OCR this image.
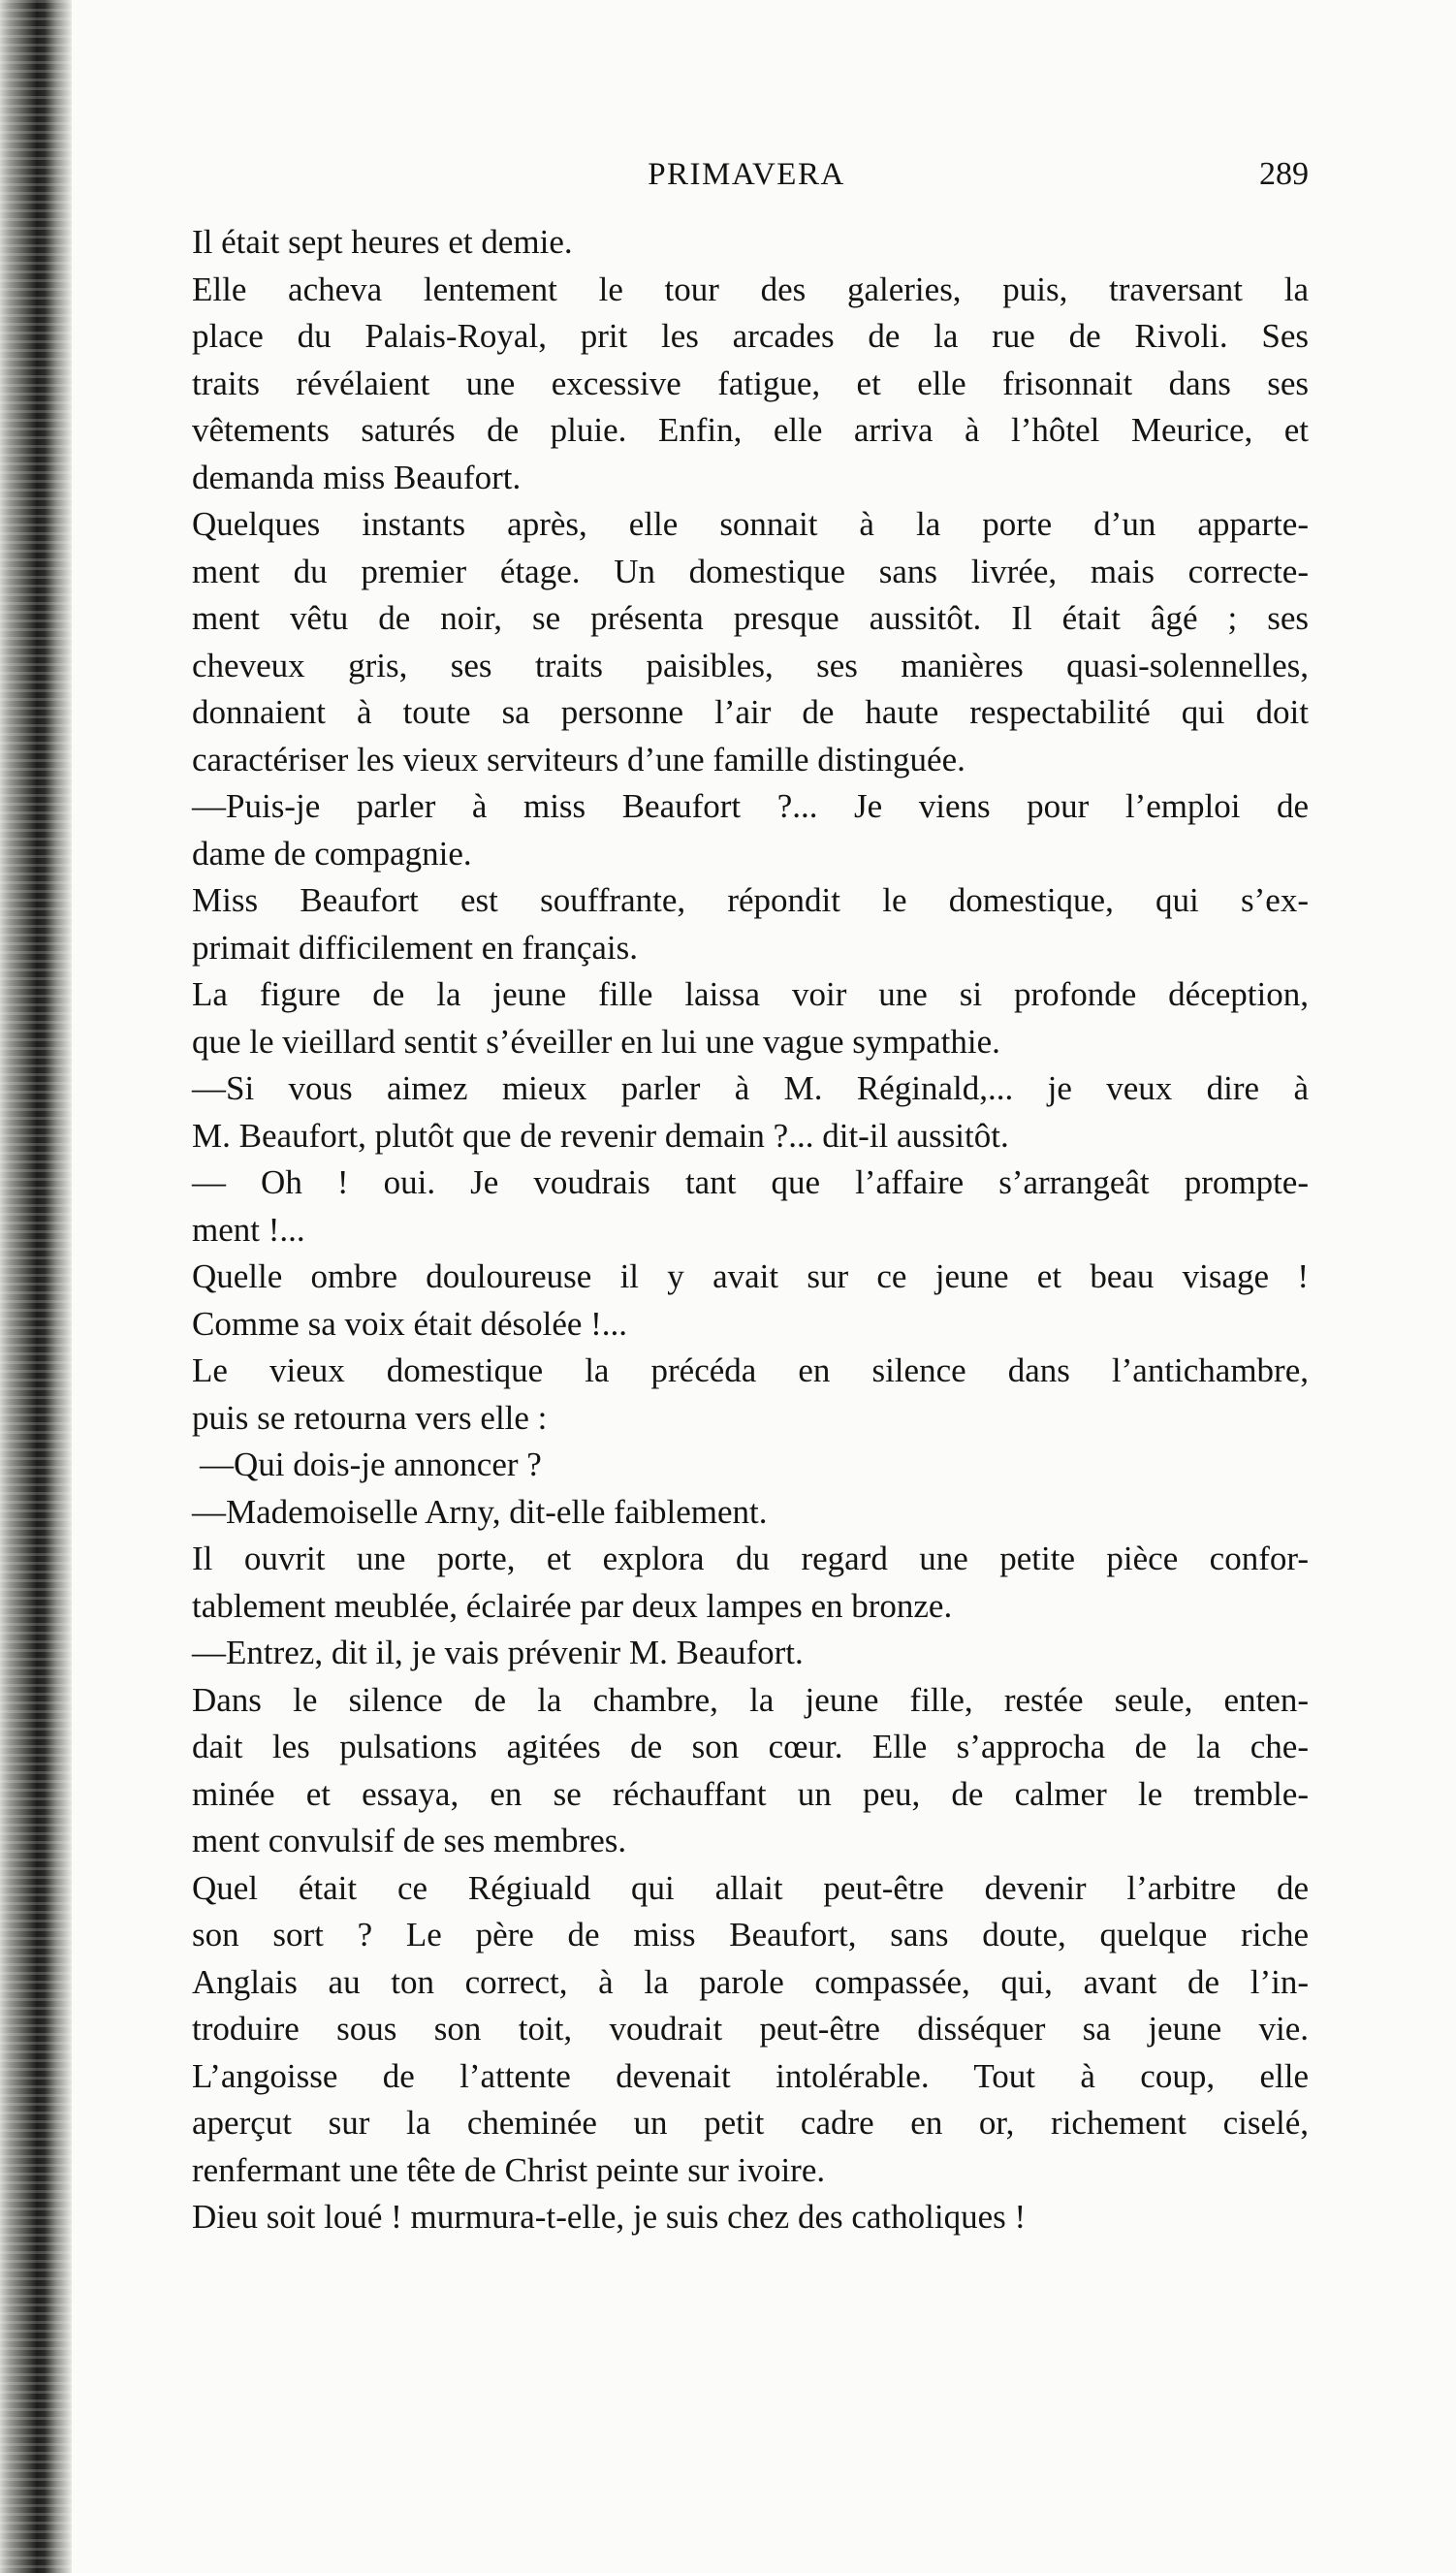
PRIMAVERA	289
Il était sept heures et demie.
Elle acheva lentement le tour des galeries, puis, traversant la
place du Palais-Royal, prit les arcades de la rue de Rivoli. Ses
traits révélaient une excessive fatigue, et elle frisonnait dans ses
vêtements saturés de pluie. Enfin, elle arriva à l’hôtel Meurice, et
demanda miss Beaufort.
Quelques instants après, elle sonnait à la porte d’un apparte-
ment du premier étage. Un domestique sans livrée, mais correcte-
ment vêtu de noir, se présenta presque aussitôt. Il était âgé ; ses
cheveux gris, ses traits paisibles, ses manières quasi-solennelles,
donnaient à toute sa personne l’air de haute respectabilité qui doit
caractériser les vieux serviteurs d’une famille distinguée.
—Puis-je parler à miss Beaufort ?... Je viens pour l’emploi de
dame de compagnie.
Miss Beaufort est souffrante, répondit le domestique, qui s’ex-
primait difficilement en français.
La figure de la jeune fille laissa voir une si profonde déception,
que le vieillard sentit s’éveiller en lui une vague sympathie.
—Si vous aimez mieux parler à M. Réginald,... je veux dire à
M. Beaufort, plutôt que de revenir demain ?... dit-il aussitôt.
— Oh ! oui. Je voudrais tant que l’affaire s’arrangeât prompte-
ment !...
Quelle ombre douloureuse il y avait sur ce jeune et beau visage !
Comme sa voix était désolée !...
Le vieux domestique la précéda en silence dans l’antichambre,
puis se retourna vers elle :
—Qui dois-je annoncer ?
—Mademoiselle Arny, dit-elle faiblement.
Il ouvrit une porte, et explora du regard une petite pièce confor-
tablement meublée, éclairée par deux lampes en bronze.
—Entrez, dit il, je vais prévenir M. Beaufort.
Dans le silence de la chambre, la jeune fille, restée seule, enten-
dait les pulsations agitées de son cœur. Elle s’approcha de la che-
minée et essaya, en se réchauffant un peu, de calmer le tremble-
ment convulsif de ses membres.
Quel était ce Régiuald qui allait peut-être devenir l’arbitre de
son sort ? Le père de miss Beaufort, sans doute, quelque riche
Anglais au ton correct, à la parole compassée, qui, avant de l’in-
troduire sous son toit, voudrait peut-être disséquer sa jeune vie.
L’angoisse de l’attente devenait intolérable. Tout à coup, elle
aperçut sur la cheminée un petit cadre en or, richement ciselé,
renfermant une tête de Christ peinte sur ivoire.
Dieu soit loué ! murmura-t-elle, je suis chez des catholiques !
